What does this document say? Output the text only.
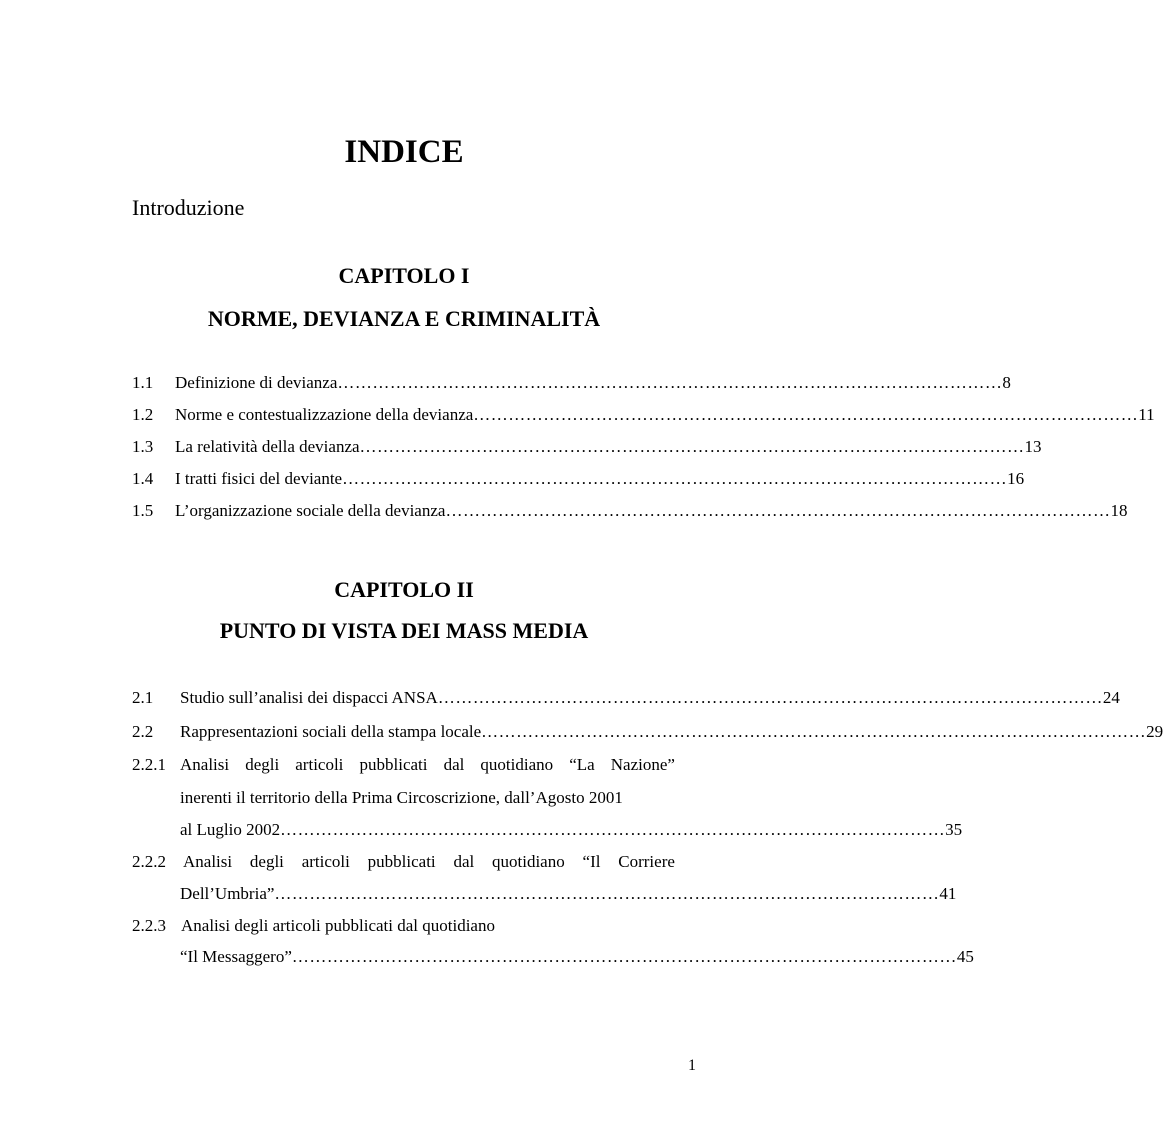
INDICE
Introduzione
CAPITOLO I
NORME, DEVIANZA E CRIMINALITÀ
1.1 Definizione di devianza …………………………………………………………………………………………………… 8
1.2 Norme e contestualizzazione della devianza …………………………………………………………………………………………………… 11
1.3 La relatività della devianza …………………………………………………………………………………………………… 13
1.4 I tratti fisici del deviante …………………………………………………………………………………………………… 16
1.5 L’organizzazione sociale della devianza …………………………………………………………………………………………………… 18
CAPITOLO II
PUNTO DI VISTA DEI MASS MEDIA
2.1 Studio sull’analisi dei dispacci ANSA …………………………………………………………………………………………………… 24
2.2 Rappresentazioni sociali della stampa locale …………………………………………………………………………………………………… 29
2.2.1 Analisi degli articoli pubblicati dal quotidiano “La Nazione”
inerenti il territorio della Prima Circoscrizione, dall’Agosto 2001
al Luglio 2002 …………………………………………………………………………………………………… 35
2.2.2 Analisi degli articoli pubblicati dal quotidiano “Il Corriere
Dell’Umbria” …………………………………………………………………………………………………… 41
2.2.3 Analisi degli articoli pubblicati dal quotidiano
“Il Messaggero” …………………………………………………………………………………………………… 45
1
